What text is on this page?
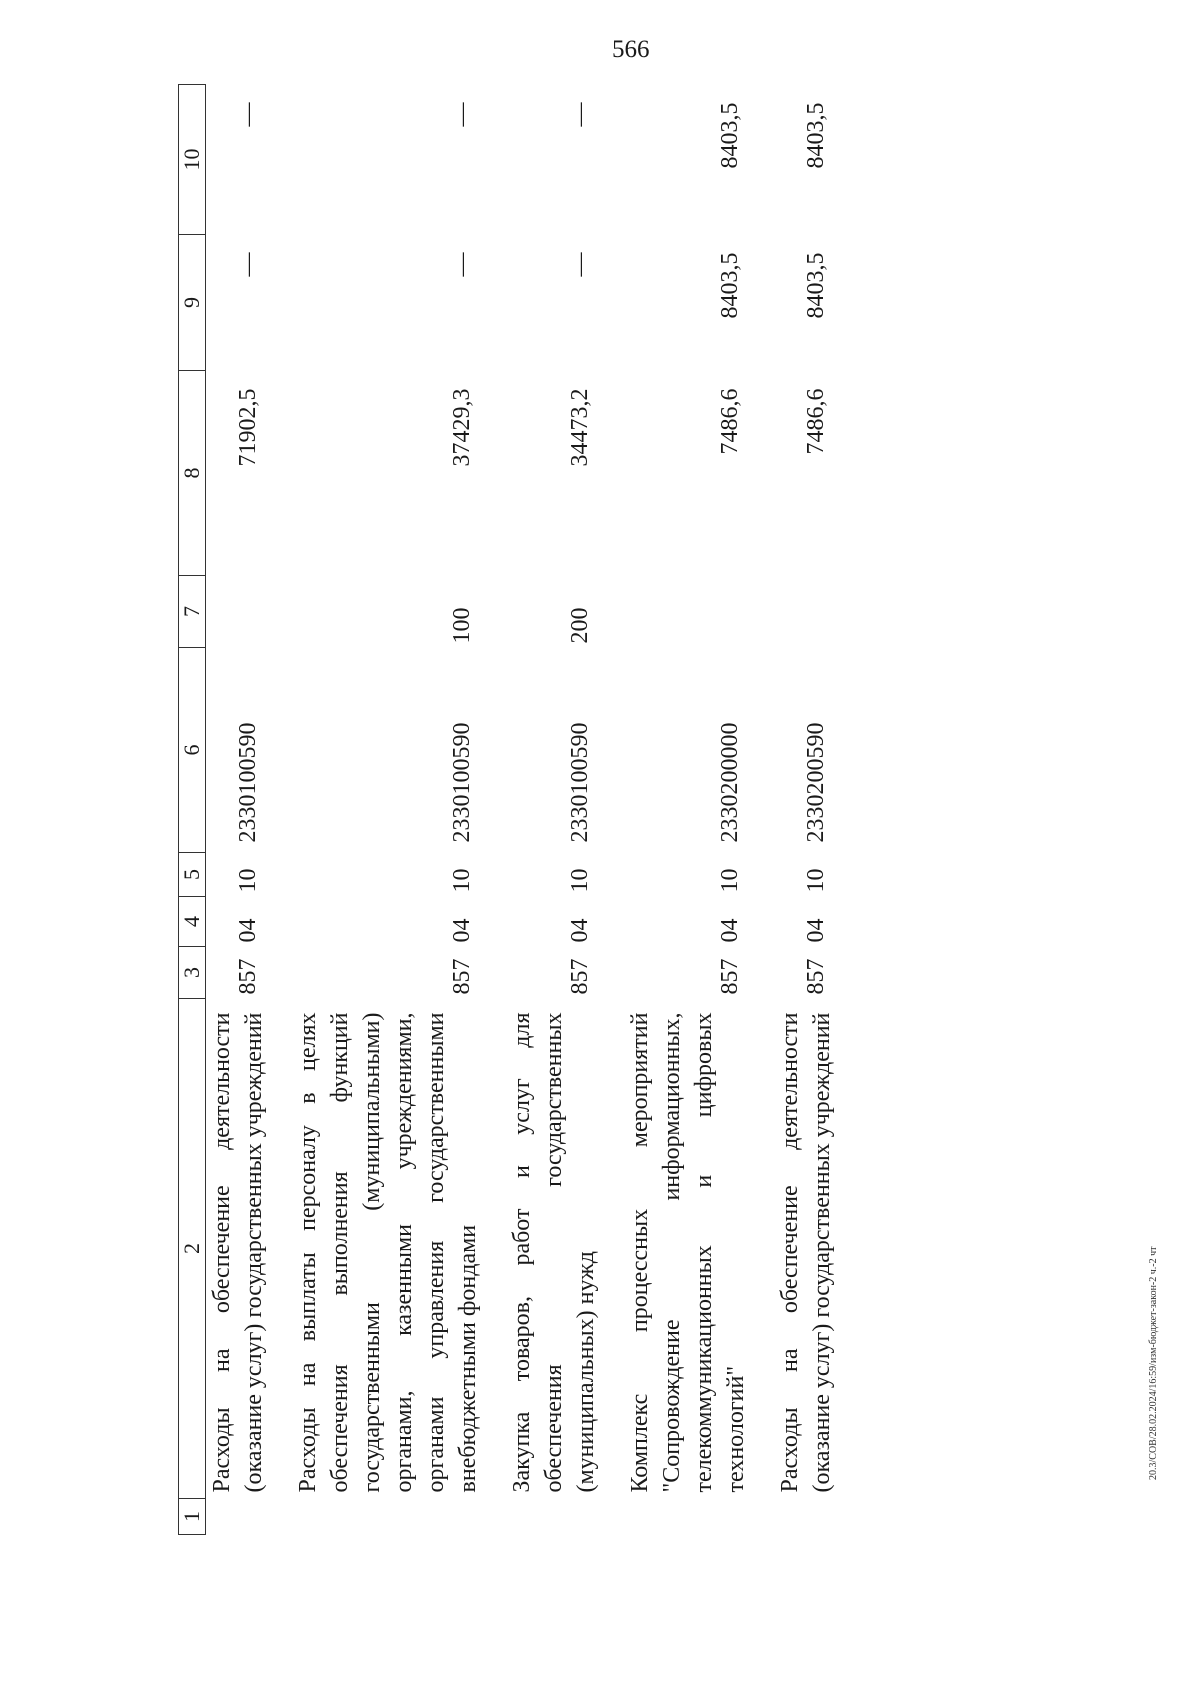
566
20.3/СОВ/28.02.2024/16:59/изм-бюджет-закон-2 ч.-2 чт
1	2	3	4	5	6	7	8	9	10
	Расходы на обеспечение деятельности (оказание услуг) государственных учреждений	857	04	10	2330100590		71902,5	—	—

	Расходы на выплаты персоналу в целях обеспечения выполнения функций государственными (муниципальными) органами, казенными учреждениями, органами управления государственными внебюджетными фондами	857	04	10	2330100590	100	37429,3	—	—

	Закупка товаров, работ и услуг для обеспечения государственных (муниципальных) нужд	857	04	10	2330100590	200	34473,2	—	—

	Комплекс процессных мероприятий "Сопровождение информационных, телекоммуникационных и цифровых технологий"	857	04	10	2330200000		7486,6	8403,5	8403,5

	Расходы на обеспечение деятельности (оказание услуг) государственных учреждений	857	04	10	2330200590		7486,6	8403,5	8403,5
